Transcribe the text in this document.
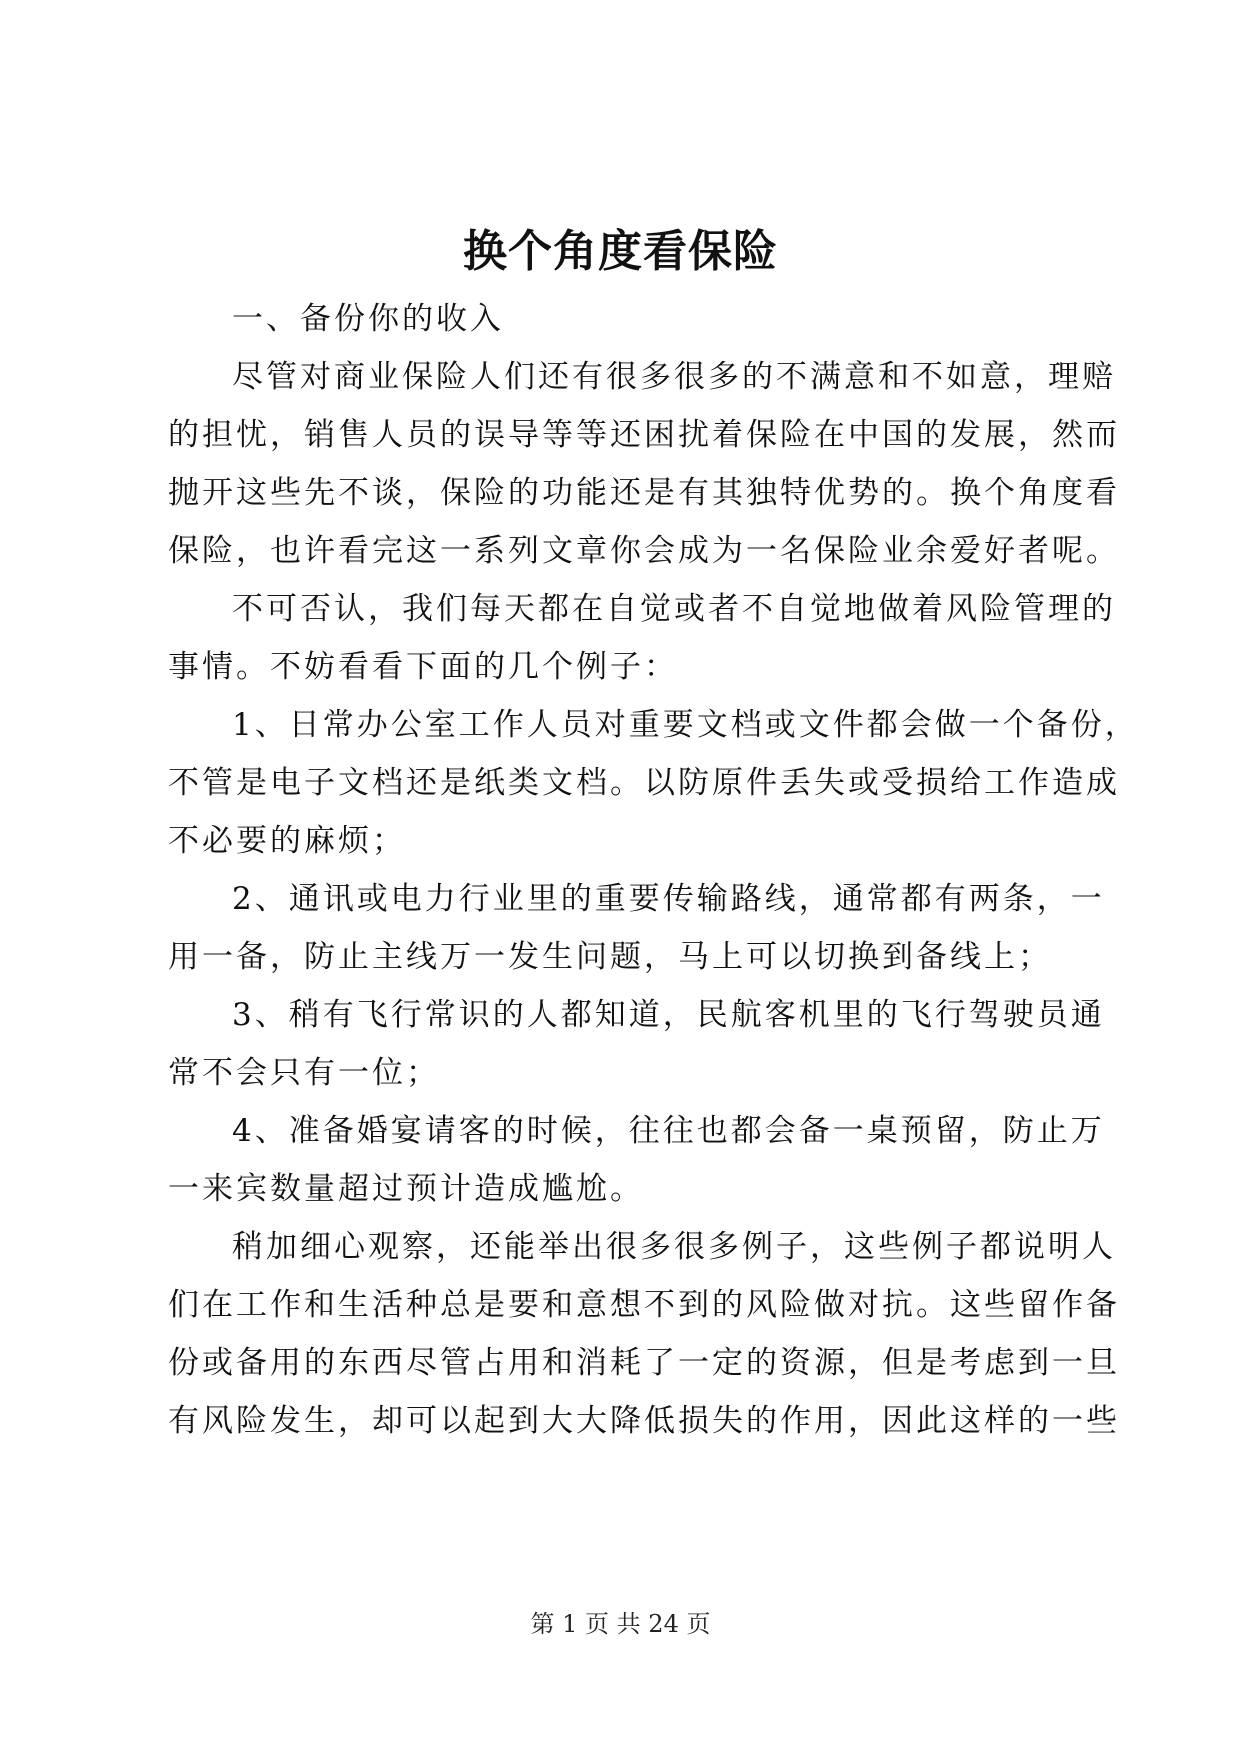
换个角度看保险
一、备份你的收入
尽管对商业保险人们还有很多很多的不满意和不如意，理赔
的担忧，销售人员的误导等等还困扰着保险在中国的发展，然而
抛开这些先不谈，保险的功能还是有其独特优势的。换个角度看
保险，也许看完这一系列文章你会成为一名保险业余爱好者呢。
不可否认，我们每天都在自觉或者不自觉地做着风险管理的
事情。不妨看看下面的几个例子：
1、日常办公室工作人员对重要文档或文件都会做一个备份，
不管是电子文档还是纸类文档。以防原件丢失或受损给工作造成
不必要的麻烦；
2、通讯或电力行业里的重要传输路线，通常都有两条，一
用一备，防止主线万一发生问题，马上可以切换到备线上；
3、稍有飞行常识的人都知道，民航客机里的飞行驾驶员通
常不会只有一位；
4、准备婚宴请客的时候，往往也都会备一桌预留，防止万
一来宾数量超过预计造成尴尬。
稍加细心观察，还能举出很多很多例子，这些例子都说明人
们在工作和生活种总是要和意想不到的风险做对抗。这些留作备
份或备用的东西尽管占用和消耗了一定的资源，但是考虑到一旦
有风险发生，却可以起到大大降低损失的作用，因此这样的一些
第 1 页 共 24 页
